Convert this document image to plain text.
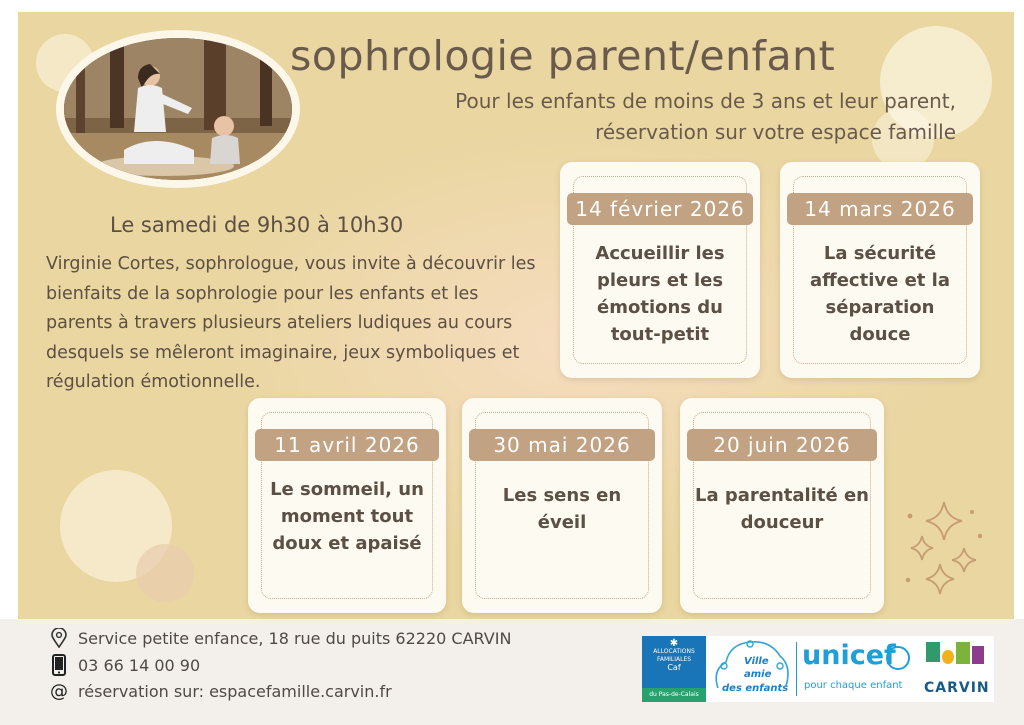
sophrologie parent/enfant
Pour les enfants de moins de 3 ans et leur parent,
réservation sur votre espace famille
Le samedi de 9h30 à 10h30
Virginie Cortes, sophrologue, vous invite à découvrir les bienfaits de la sophrologie pour les enfants et les parents à travers plusieurs ateliers ludiques au cours desquels se mêleront imaginaire, jeux symboliques et régulation émotionnelle.
14 février 2026
Accueillir les pleurs et les émotions du tout-petit
14 mars 2026
La sécurité affective et la séparation douce
11 avril 2026
Le sommeil, un moment tout doux et apaisé
30 mai 2026
Les sens en éveil
20 juin 2026
La parentalité en douceur
Service petite enfance, 18 rue du puits 62220 CARVIN
03 66 14 00 90
@ réservation sur: espacefamille.carvin.fr
✱
ALLOCATIONS
FAMILIALES
Caf
du Pas-de-Calais
Ville
amie
des enfants
unicef
pour chaque enfant CARVIN
